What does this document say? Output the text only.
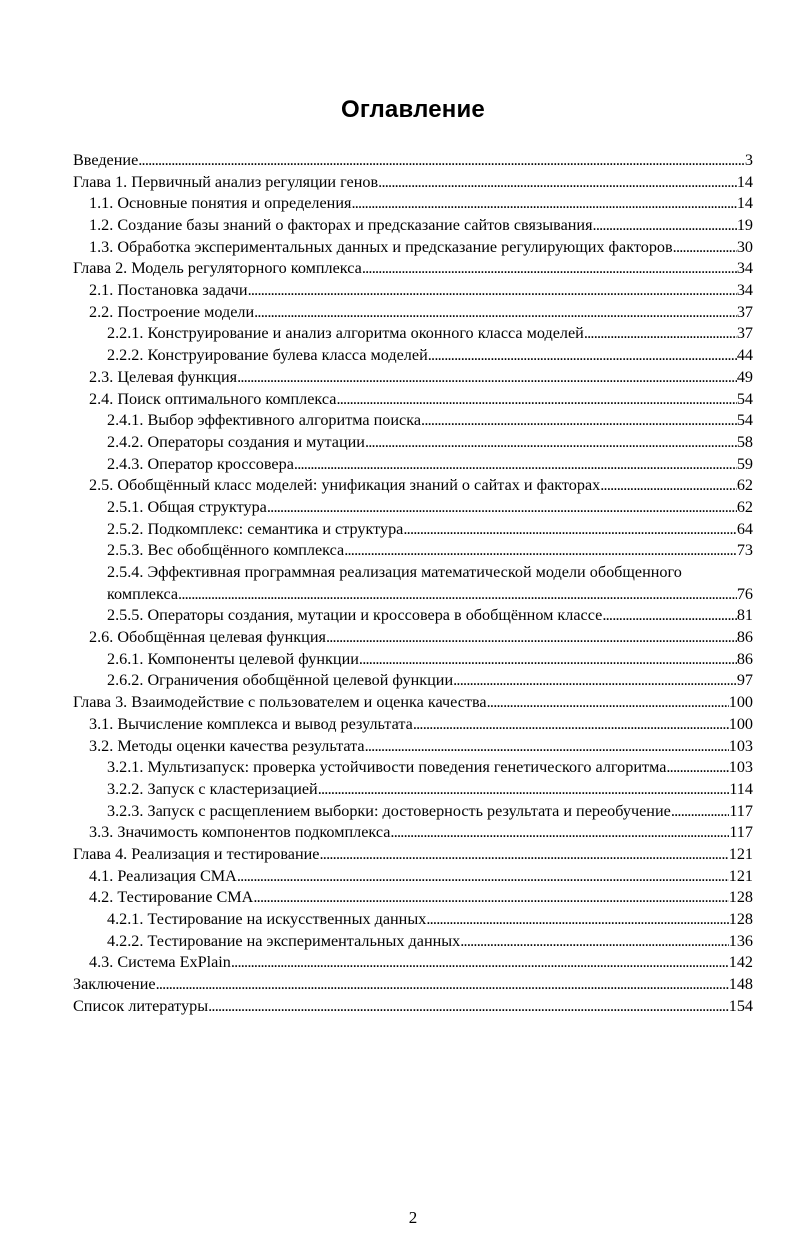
Оглавление
Введение . . .	3
Глава 1. Первичный анализ регуляции генов . . .	14
1.1. Основные понятия и определения . . .	14
1.2. Создание базы знаний о факторах и предсказание сайтов связывания . . .	19
1.3. Обработка экспериментальных данных и предсказание регулирующих факторов . . .	30
Глава 2. Модель регуляторного комплекса . . .	34
2.1. Постановка задачи . . .	34
2.2. Построение модели . . .	37
2.2.1. Конструирование и анализ алгоритма оконного класса моделей . . .	37
2.2.2. Конструирование булева класса моделей . . .	44
2.3. Целевая функция . . .	49
2.4. Поиск оптимального комплекса . . .	54
2.4.1. Выбор эффективного алгоритма поиска . . .	54
2.4.2. Операторы создания и мутации . . .	58
2.4.3. Оператор кроссовера . . .	59
2.5. Обобщённый класс моделей: унификация знаний о сайтах и факторах . . .	62
2.5.1. Общая структура . . .	62
2.5.2. Подкомплекс: семантика и структура . . .	64
2.5.3. Вес обобщённого комплекса . . .	73
2.5.4. Эффективная программная реализация математической модели обобщенного
комплекса . . .	76
2.5.5. Операторы создания, мутации и кроссовера в обобщённом классе . . .	81
2.6. Обобщённая целевая функция . . .	86
2.6.1. Компоненты целевой функции . . .	86
2.6.2. Ограничения обобщённой целевой функции . . .	97
Глава 3. Взаимодействие с пользователем и оценка качества . . .	100
3.1. Вычисление комплекса и вывод результата . . .	100
3.2. Методы оценки качества результата . . .	103
3.2.1. Мультизапуск: проверка устойчивости поведения генетического алгоритма . . .	103
3.2.2. Запуск с кластеризацией . . .	114
3.2.3. Запуск с расщеплением выборки: достоверность результата и переобучение . . .	117
3.3. Значимость компонентов подкомплекса . . .	117
Глава 4. Реализация и тестирование . . .	121
4.1. Реализация CMA . . .	121
4.2. Тестирование CMA . . .	128
4.2.1. Тестирование на искусственных данных . . .	128
4.2.2. Тестирование на экспериментальных данных . . .	136
4.3. Система ExPlain . . .	142
Заключение . . .	148
Список литературы . . .	154
2
